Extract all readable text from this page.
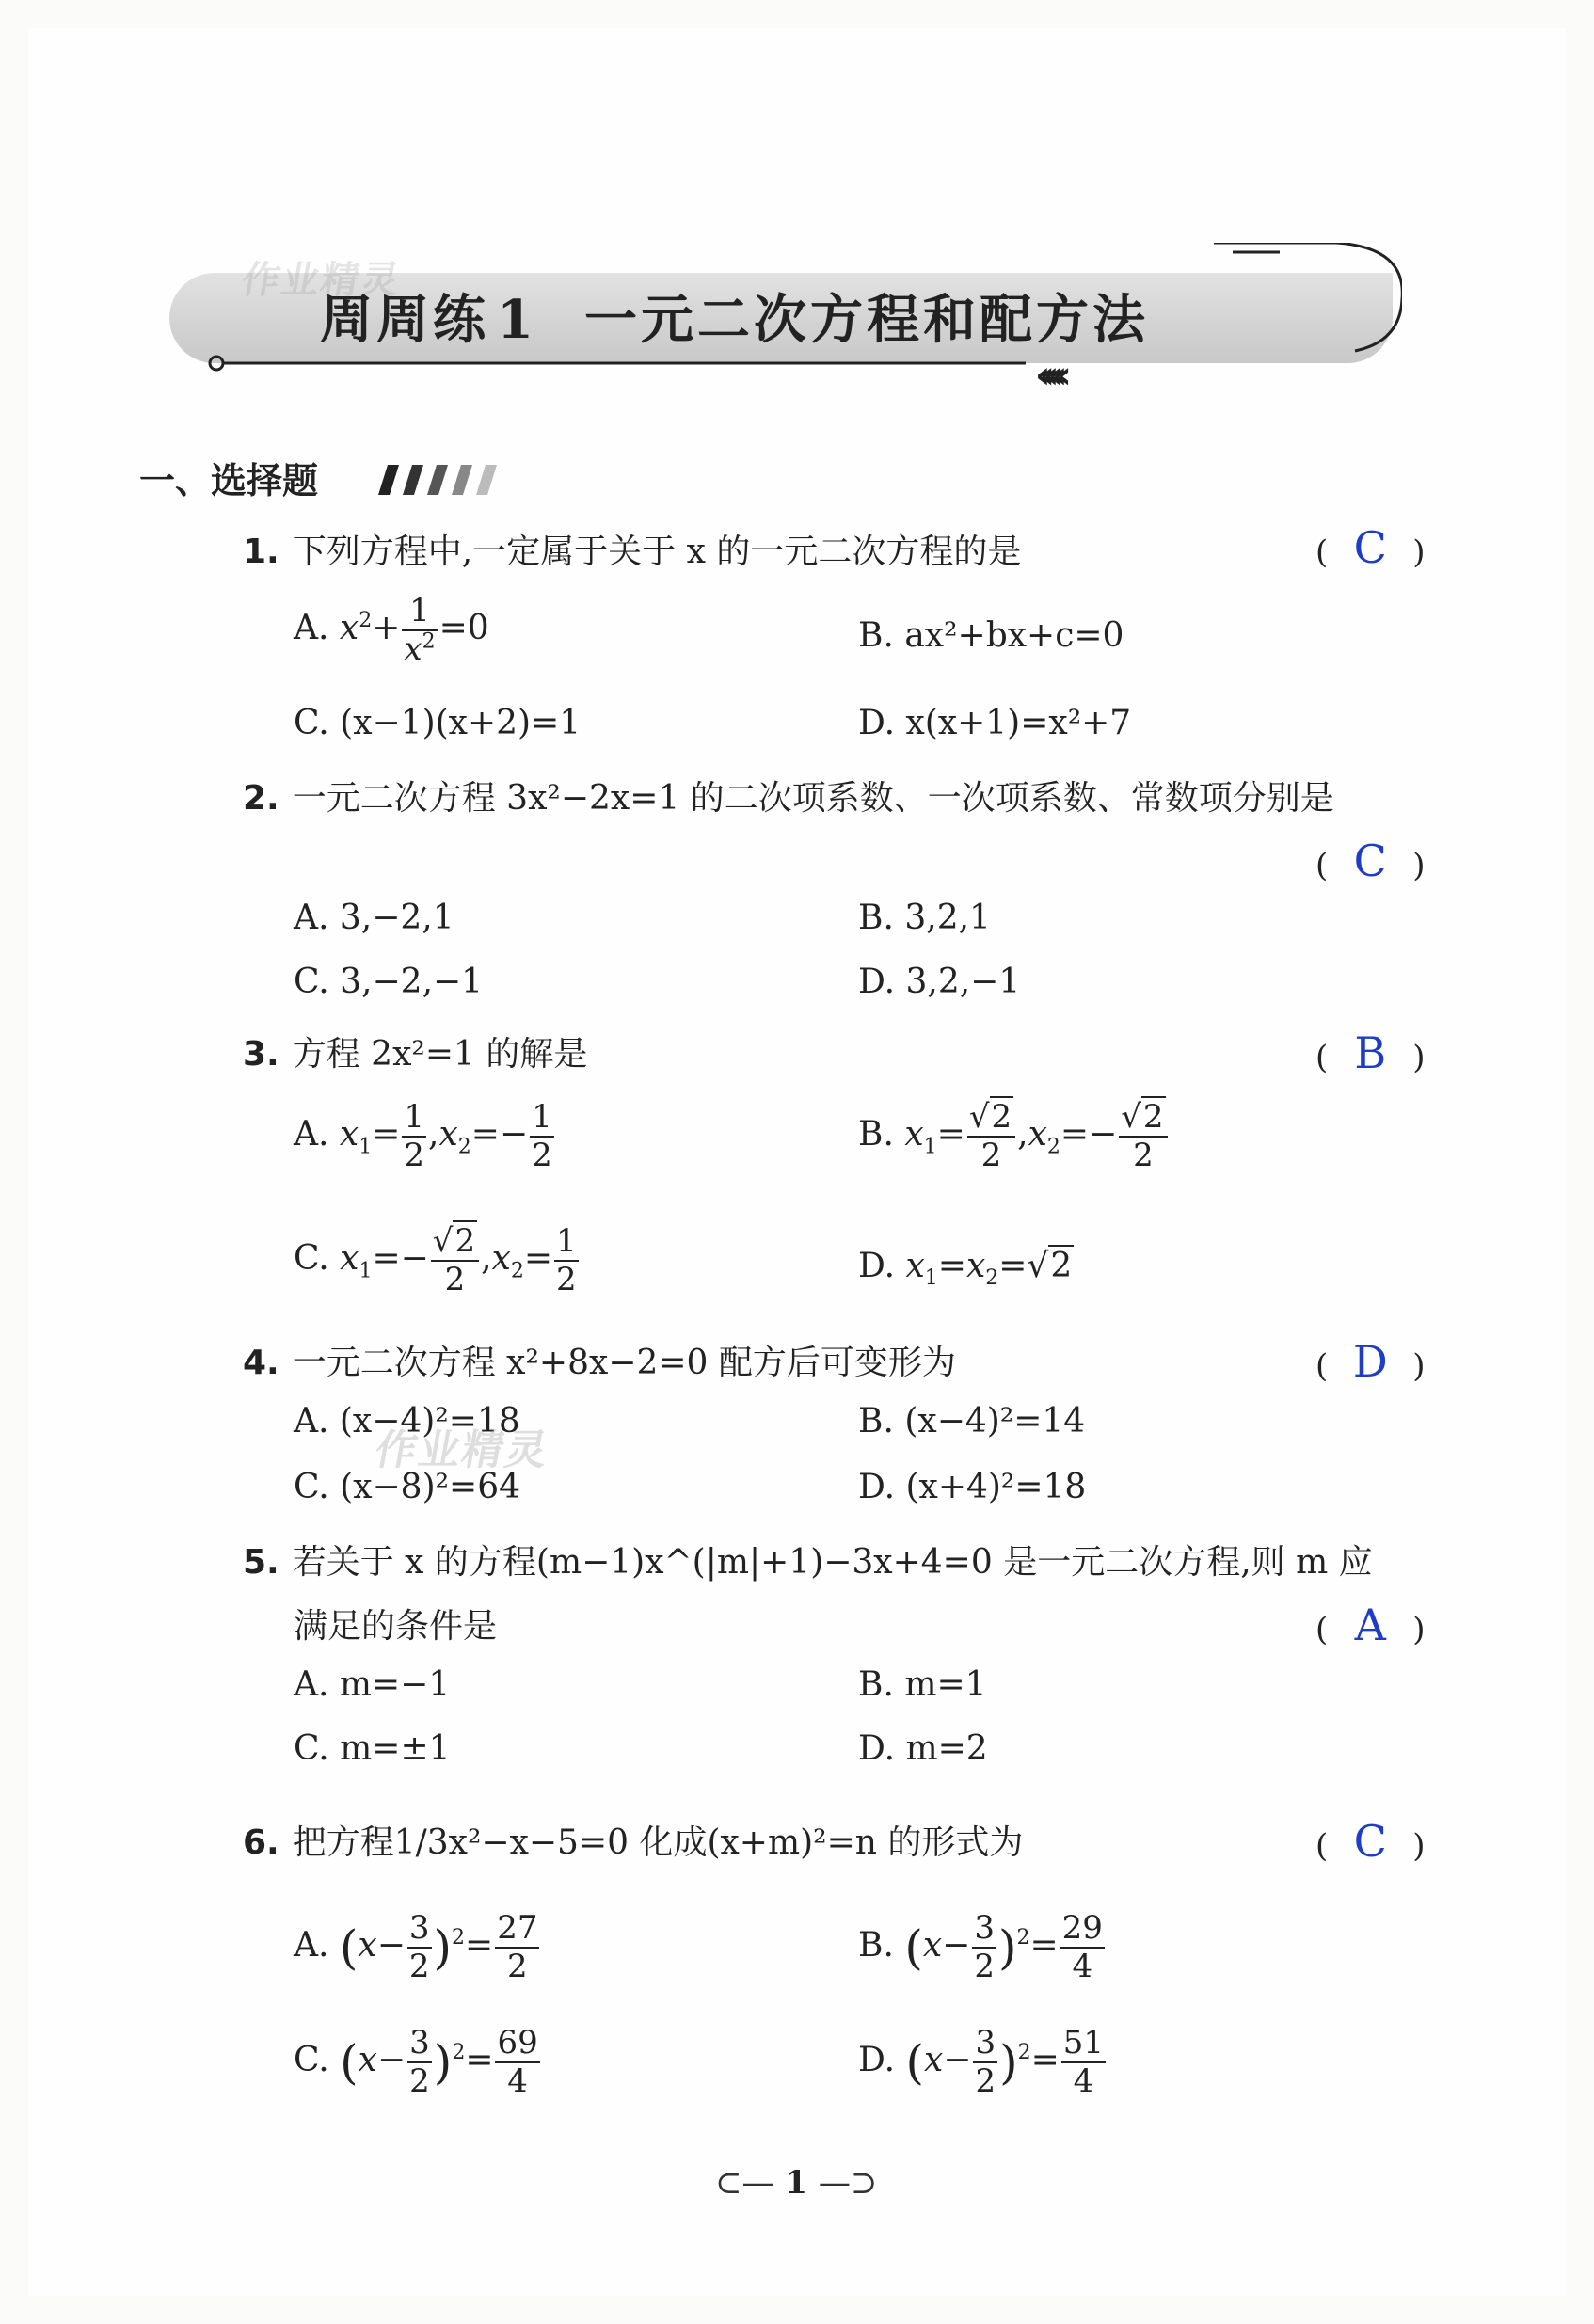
作业精灵
周周练 1 一元二次方程和配方法
‹‹‹‹‹‹
一、选择题
1. 下列方程中,一定属于关于 x 的一元二次方程的是	( C )
A. $x^2+ \frac{1}{x^2} =0$	B. ax²+bx+c=0
C. (x−1)(x+2)=1	D. x(x+1)=x²+7
2. 一元二次方程 3x²−2x=1 的二次项系数、一次项系数、常数项分别是
( C )
A. 3,−2,1	B. 3,2,1
C. 3,−2,−1	D. 3,2,−1
3. 方程 2x²=1 的解是	( B )
A. $x_1= \frac{1}{2} ,x_2=- \frac{1}{2}$	B. $x_1= \frac{√2}{2} ,x_2=- \frac{√2}{2}$
C. $x_1=- \frac{√2}{2} ,x_2= \frac{1}{2}$	D. $x_1=x_2=√2$
4. 一元二次方程 x²+8x−2=0 配方后可变形为	( D )
A. (x−4)²=18	B. (x−4)²=14
C. (x−8)²=64	D. (x+4)²=18
作业精灵
5. 若关于 x 的方程(m−1)x^(|m|+1)−3x+4=0 是一元二次方程,则 m 应
满足的条件是	( A )
A. m=−1	B. m=1
C. m=±1	D. m=2
6. 把方程1/3x²−x−5=0 化成(x+m)²=n 的形式为	( C )
A. $(x- \frac{3}{2} )^2= \frac{27}{2}$	B. $(x- \frac{3}{2} )^2= \frac{29}{4}$
C. $(x- \frac{3}{2} )^2= \frac{69}{4}$	D. $(x- \frac{3}{2} )^2= \frac{51}{4}$
⊂— 1 —⊃
